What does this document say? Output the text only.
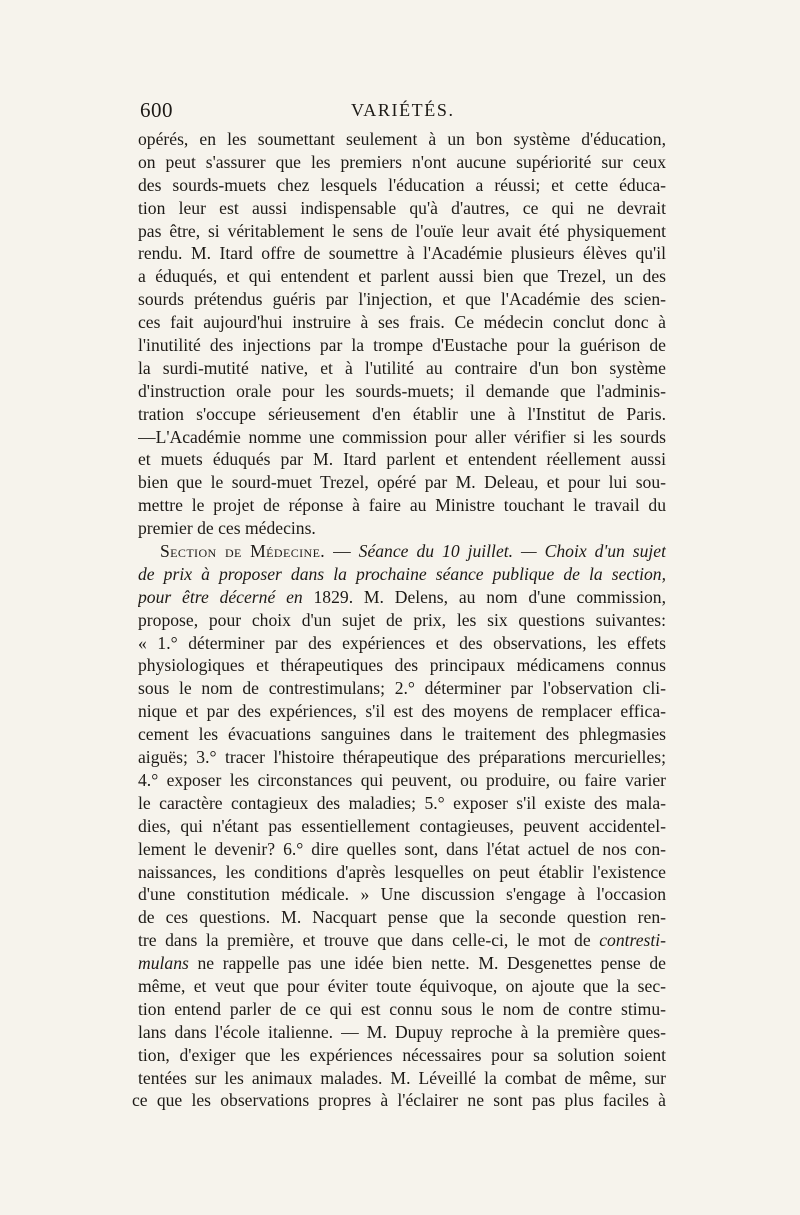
600	VARIÉTÉS.
opérés, en les soumettant seulement à un bon système d'éducation,
on peut s'assurer que les premiers n'ont aucune supériorité sur ceux
des sourds-muets chez lesquels l'éducation a réussi; et cette éduca-
tion leur est aussi indispensable qu'à d'autres, ce qui ne devrait
pas être, si véritablement le sens de l'ouïe leur avait été physiquement
rendu. M. Itard offre de soumettre à l'Académie plusieurs élèves qu'il
a éduqués, et qui entendent et parlent aussi bien que Trezel, un des
sourds prétendus guéris par l'injection, et que l'Académie des scien-
ces fait aujourd'hui instruire à ses frais. Ce médecin conclut donc à
l'inutilité des injections par la trompe d'Eustache pour la guérison de
la surdi-mutité native, et à l'utilité au contraire d'un bon système
d'instruction orale pour les sourds-muets; il demande que l'adminis-
tration s'occupe sérieusement d'en établir une à l'Institut de Paris.
—L'Académie nomme une commission pour aller vérifier si les sourds
et muets éduqués par M. Itard parlent et entendent réellement aussi
bien que le sourd-muet Trezel, opéré par M. Deleau, et pour lui sou-
mettre le projet de réponse à faire au Ministre touchant le travail du
premier de ces médecins.
Section de Médecine. — Séance du 10 juillet. — Choix d'un sujet
de prix à proposer dans la prochaine séance publique de la section,
pour être décerné en 1829. M. Delens, au nom d'une commission,
propose, pour choix d'un sujet de prix, les six questions suivantes:
« 1.° déterminer par des expériences et des observations, les effets
physiologiques et thérapeutiques des principaux médicamens connus
sous le nom de contrestimulans; 2.° déterminer par l'observation cli-
nique et par des expériences, s'il est des moyens de remplacer effica-
cement les évacuations sanguines dans le traitement des phlegmasies
aiguës; 3.° tracer l'histoire thérapeutique des préparations mercurielles;
4.° exposer les circonstances qui peuvent, ou produire, ou faire varier
le caractère contagieux des maladies; 5.° exposer s'il existe des mala-
dies, qui n'étant pas essentiellement contagieuses, peuvent accidentel-
lement le devenir? 6.° dire quelles sont, dans l'état actuel de nos con-
naissances, les conditions d'après lesquelles on peut établir l'existence
d'une constitution médicale. » Une discussion s'engage à l'occasion
de ces questions. M. Nacquart pense que la seconde question ren-
tre dans la première, et trouve que dans celle-ci, le mot de contresti-
mulans ne rappelle pas une idée bien nette. M. Desgenettes pense de
même, et veut que pour éviter toute équivoque, on ajoute que la sec-
tion entend parler de ce qui est connu sous le nom de contre stimu-
lans dans l'école italienne. — M. Dupuy reproche à la première ques-
tion, d'exiger que les expériences nécessaires pour sa solution soient
tentées sur les animaux malades. M. Léveillé la combat de même, sur
ce que les observations propres à l'éclairer ne sont pas plus faciles à
